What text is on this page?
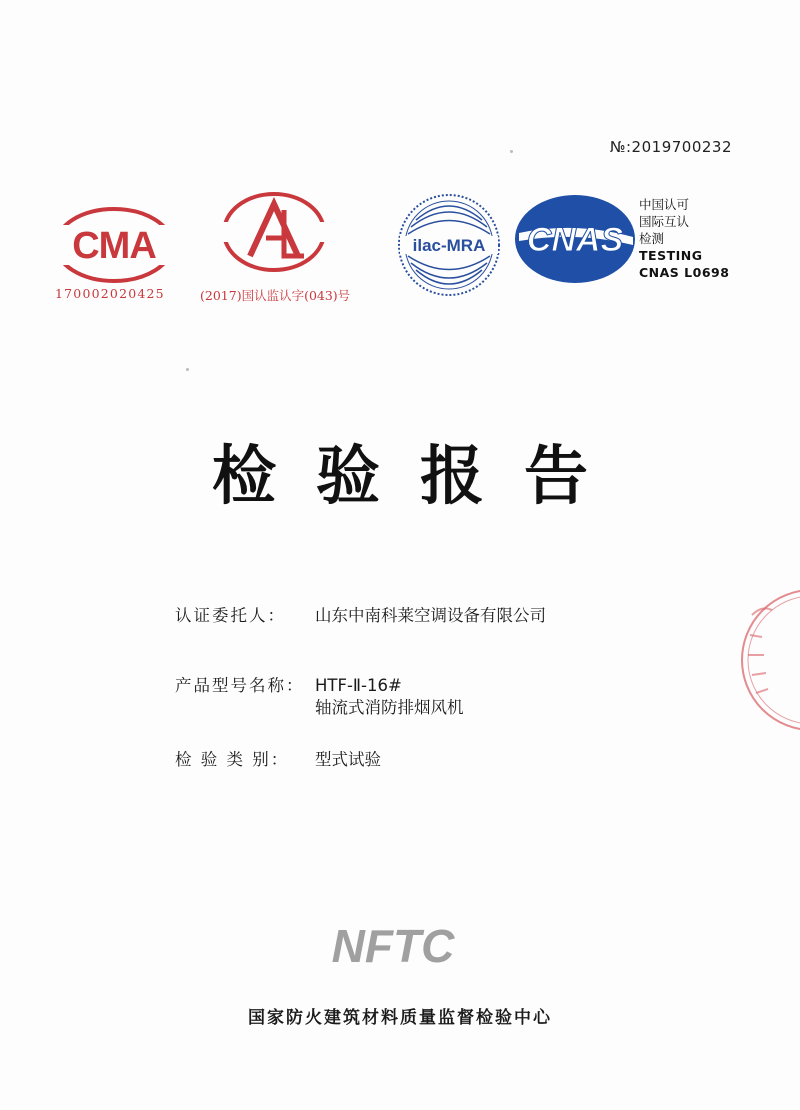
№:2019700232
CMA
170002020425	(2017)国认监认字(043)号
ilac-MRA CNAS
中国认可
国际互认
检测
TESTING
CNAS L0698
检验报告
认证委托人： 山东中南科莱空调设备有限公司
产品型号名称： HTF-Ⅱ-16#
轴流式消防排烟风机
检 验 类 别： 型式试验
NFTC
国家防火建筑材料质量监督检验中心
